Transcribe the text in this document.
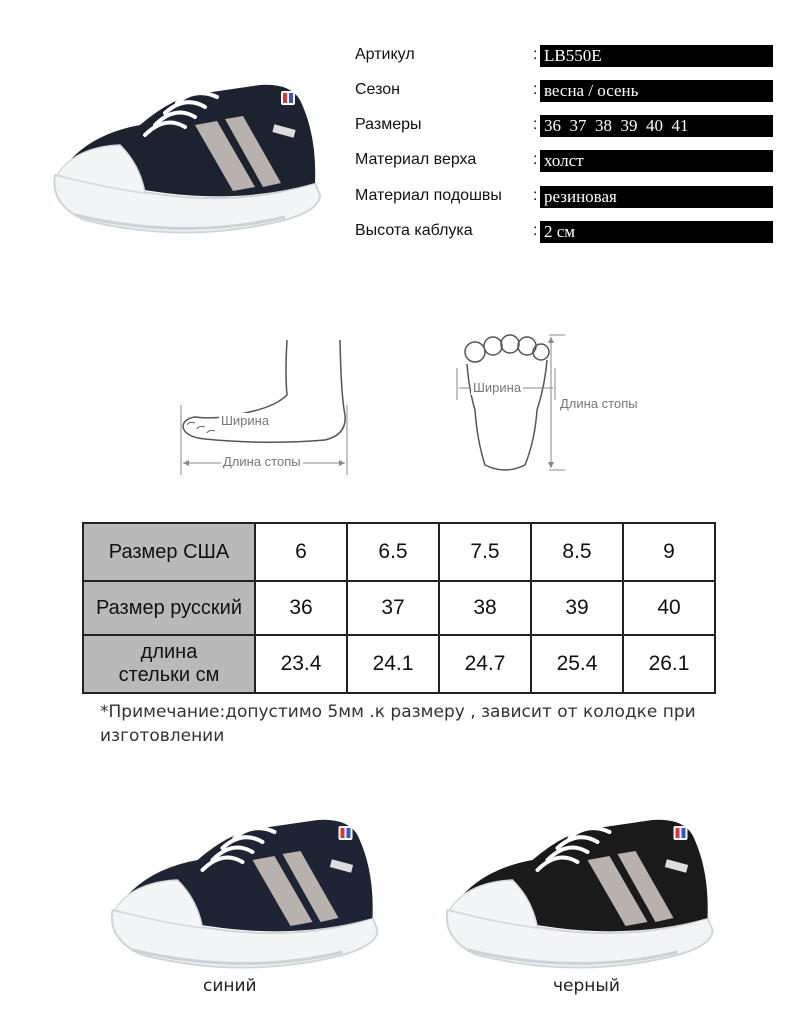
Артикул	: LB550E
Сезон	: весна / осень
Размеры	: 36  37  38  39  40  41
Материал верха	: холст
Материал подошвы : резиновая
Высота каблука	: 2 см
Ширина
Длина стопы
Ширина
Длина стопы
Размер США	6	6.5	7.5	8.5	9
Размер русский	36	37	38	39	40

длина
стельки см	23.4	24.1	24.7	25.4	26.1
*Примечание:допустимо 5мм .к размеру , зависит от колодке при изготовлении
синий	черный
